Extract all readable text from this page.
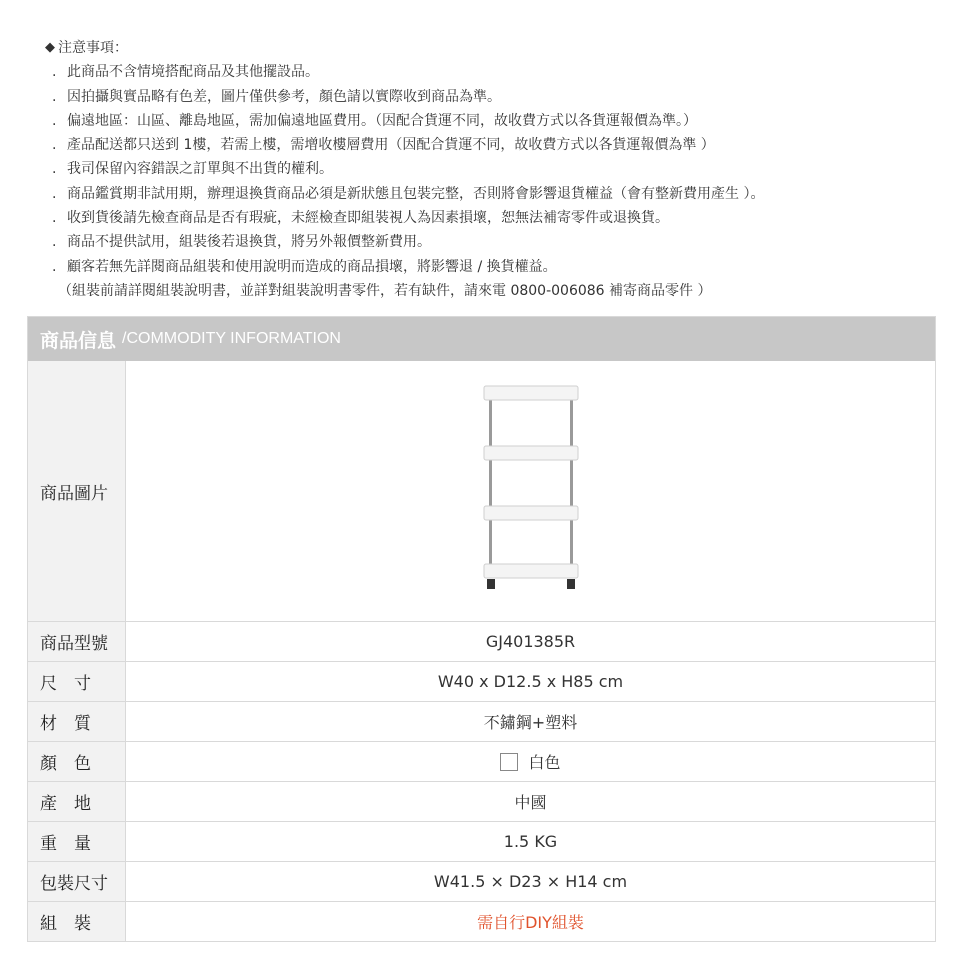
◆ 注意事項：
. 此商品不含情境搭配商品及其他擺設品。
. 因拍攝與實品略有色差，圖片僅供參考，顏色請以實際收到商品為準。
. 偏遠地區：山區、離島地區，需加偏遠地區費用。（因配合貨運不同，故收費方式以各貨運報價為準。）
. 產品配送都只送到 1樓，若需上樓，需增收樓層費用（因配合貨運不同，故收費方式以各貨運報價為準 ）
. 我司保留內容錯誤之訂單與不出貨的權利。
. 商品鑑賞期非試用期，辦理退換貨商品必須是新狀態且包裝完整，否則將會影響退貨權益（會有整新費用產生 ）。
. 收到貨後請先檢查商品是否有瑕疵，未經檢查即組裝視人為因素損壞，恕無法補寄零件或退換貨。
. 商品不提供試用，組裝後若退換貨，將另外報價整新費用。
. 顧客若無先詳閱商品組裝和使用說明而造成的商品損壞，將影響退 / 換貨權益。
（組裝前請詳閱組裝說明書，並詳對組裝說明書零件，若有缺件，請來電 0800-006086 補寄商品零件 ）
商品信息 /COMMODITY INFORMATION
商品圖片
商品型號	GJ401385R
尺　寸	W40 x D12.5 x H85 cm
材　質	不鏽鋼+塑料
顏　色	白色
產　地	中國
重　量	1.5 KG
包裝尺寸	W41.5 × D23 × H14 cm
組　裝	需自行DIY組裝
